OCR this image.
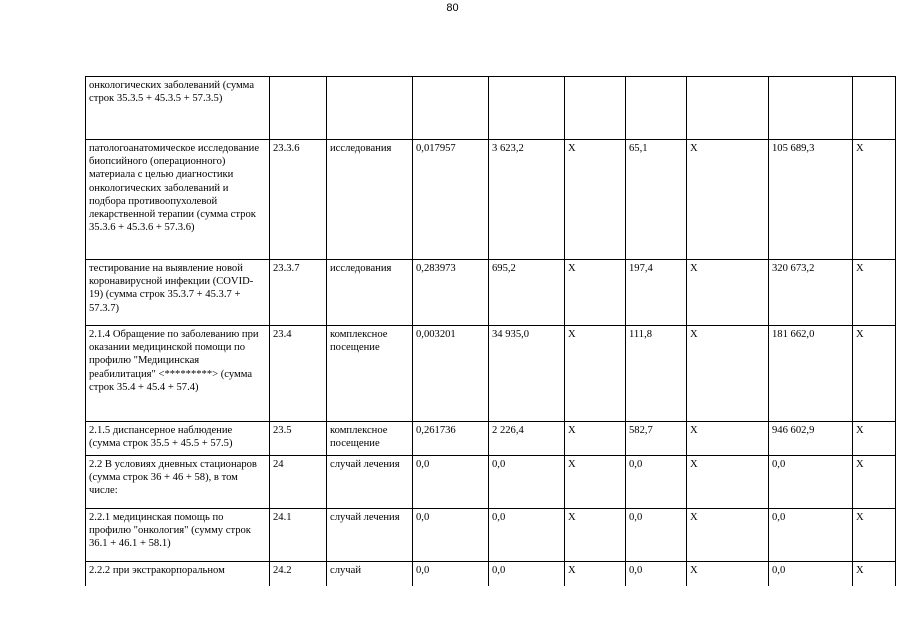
80
онкологических заболеваний (сумма строк 35.3.5 + 45.3.5 + 57.3.5)									
патологоанатомическое исследование биопсийного (операционного) материала с целью диагностики онкологических заболеваний и подбора противоопухолевой лекарственной терапии (сумма строк 35.3.6 + 45.3.6 + 57.3.6)	23.3.6	исследования	0,017957	3 623,2	X	65,1	X	105 689,3	X
тестирование на выявление новой коронавирусной инфекции (COVID-19) (сумма строк 35.3.7 + 45.3.7 + 57.3.7)	23.3.7	исследования	0,283973	695,2	X	197,4	X	320 673,2	X
2.1.4 Обращение по заболеванию при оказании медицинской помощи по профилю "Медицинская реабилитация" <*********> (сумма строк 35.4 + 45.4 + 57.4)	23.4	комплексное посещение	0,003201	34 935,0	X	111,8	X	181 662,0	X
2.1.5 диспансерное наблюдение (сумма строк 35.5 + 45.5 + 57.5)	23.5	комплексное посещение	0,261736	2 226,4	X	582,7	X	946 602,9	X
2.2 В условиях дневных стационаров (сумма строк 36 + 46 + 58), в том числе:	24	случай лечения	0,0	0,0	X	0,0	X	0,0	X
2.2.1 медицинская помощь по профилю "онкология" (сумму строк 36.1 + 46.1 + 58.1)	24.1	случай лечения	0,0	0,0	X	0,0	X	0,0	X
2.2.2 при экстракорпоральном	24.2	случай	0,0	0,0	X	0,0	X	0,0	X
